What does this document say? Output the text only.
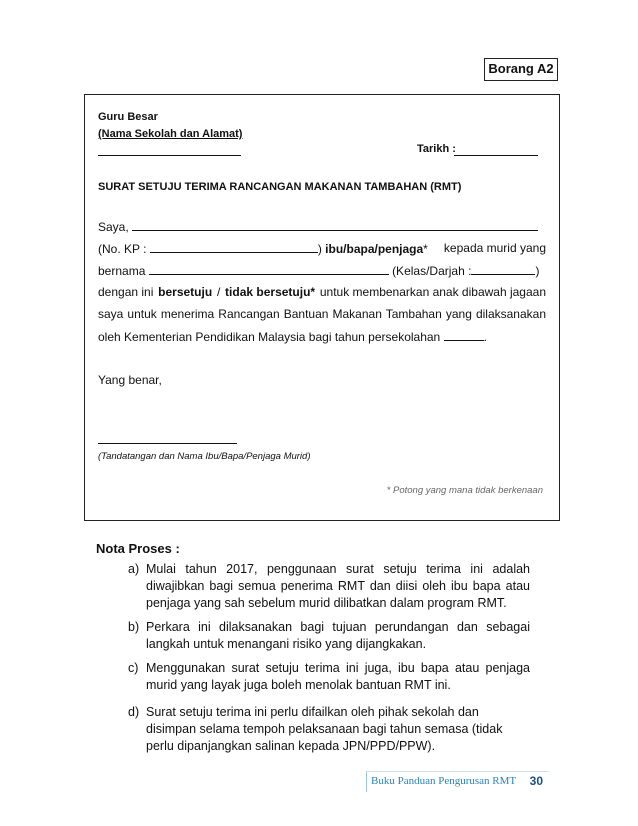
Borang A2
Guru Besar
(Nama Sekolah dan Alamat)
Tarikh :
SURAT SETUJU TERIMA RANCANGAN MAKANAN TAMBAHAN (RMT)
Saya,
(No. KP :	) ibu/bapa/penjaga* kepada murid yang
bernama	(Kelas/Darjah :	)
dengan ini bersetuju / tidak bersetuju* untuk membenarkan anak dibawah jagaan
saya untuk menerima Rancangan Bantuan Makanan Tambahan yang dilaksanakan
oleh Kementerian Pendidikan Malaysia bagi tahun persekolahan	.
Yang benar,
(Tandatangan dan Nama Ibu/Bapa/Penjaga Murid)
* Potong yang mana tidak berkenaan
Nota Proses :
a) Mulai tahun 2017, penggunaan surat setuju terima ini adalah diwajibkan bagi semua penerima RMT dan diisi oleh ibu bapa atau penjaga yang sah sebelum murid dilibatkan dalam program RMT.
b) Perkara ini dilaksanakan bagi tujuan perundangan dan sebagai langkah untuk menangani risiko yang dijangkakan.
c) Menggunakan surat setuju terima ini juga, ibu bapa atau penjaga murid yang layak juga boleh menolak bantuan RMT ini.
d) Surat setuju terima ini perlu difailkan oleh pihak sekolah dan disimpan selama tempoh pelaksanaan bagi tahun semasa (tidak perlu dipanjangkan salinan kepada JPN/PPD/PPW).
Buku Panduan Pengurusan RMT 30
